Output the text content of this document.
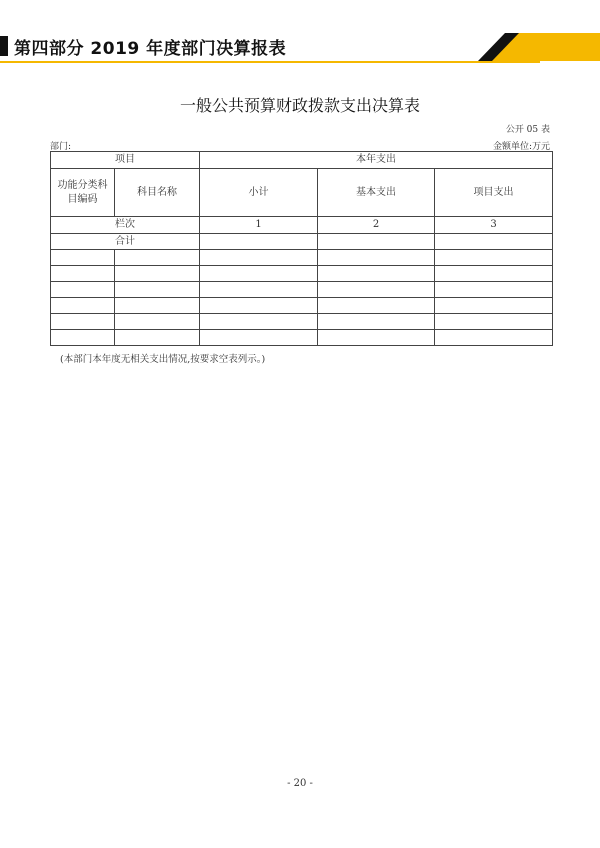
第四部分 2019 年度部门决算报表
一般公共预算财政拨款支出决算表
公开 05 表
部门:	金额单位:万元
项目		本年支出		
功能分类科目编码	科目名称	小计	基本支出	项目支出
栏次		1	2	3
合计				

(本部门本年度无相关支出情况,按要求空表列示。)
- 20 -
